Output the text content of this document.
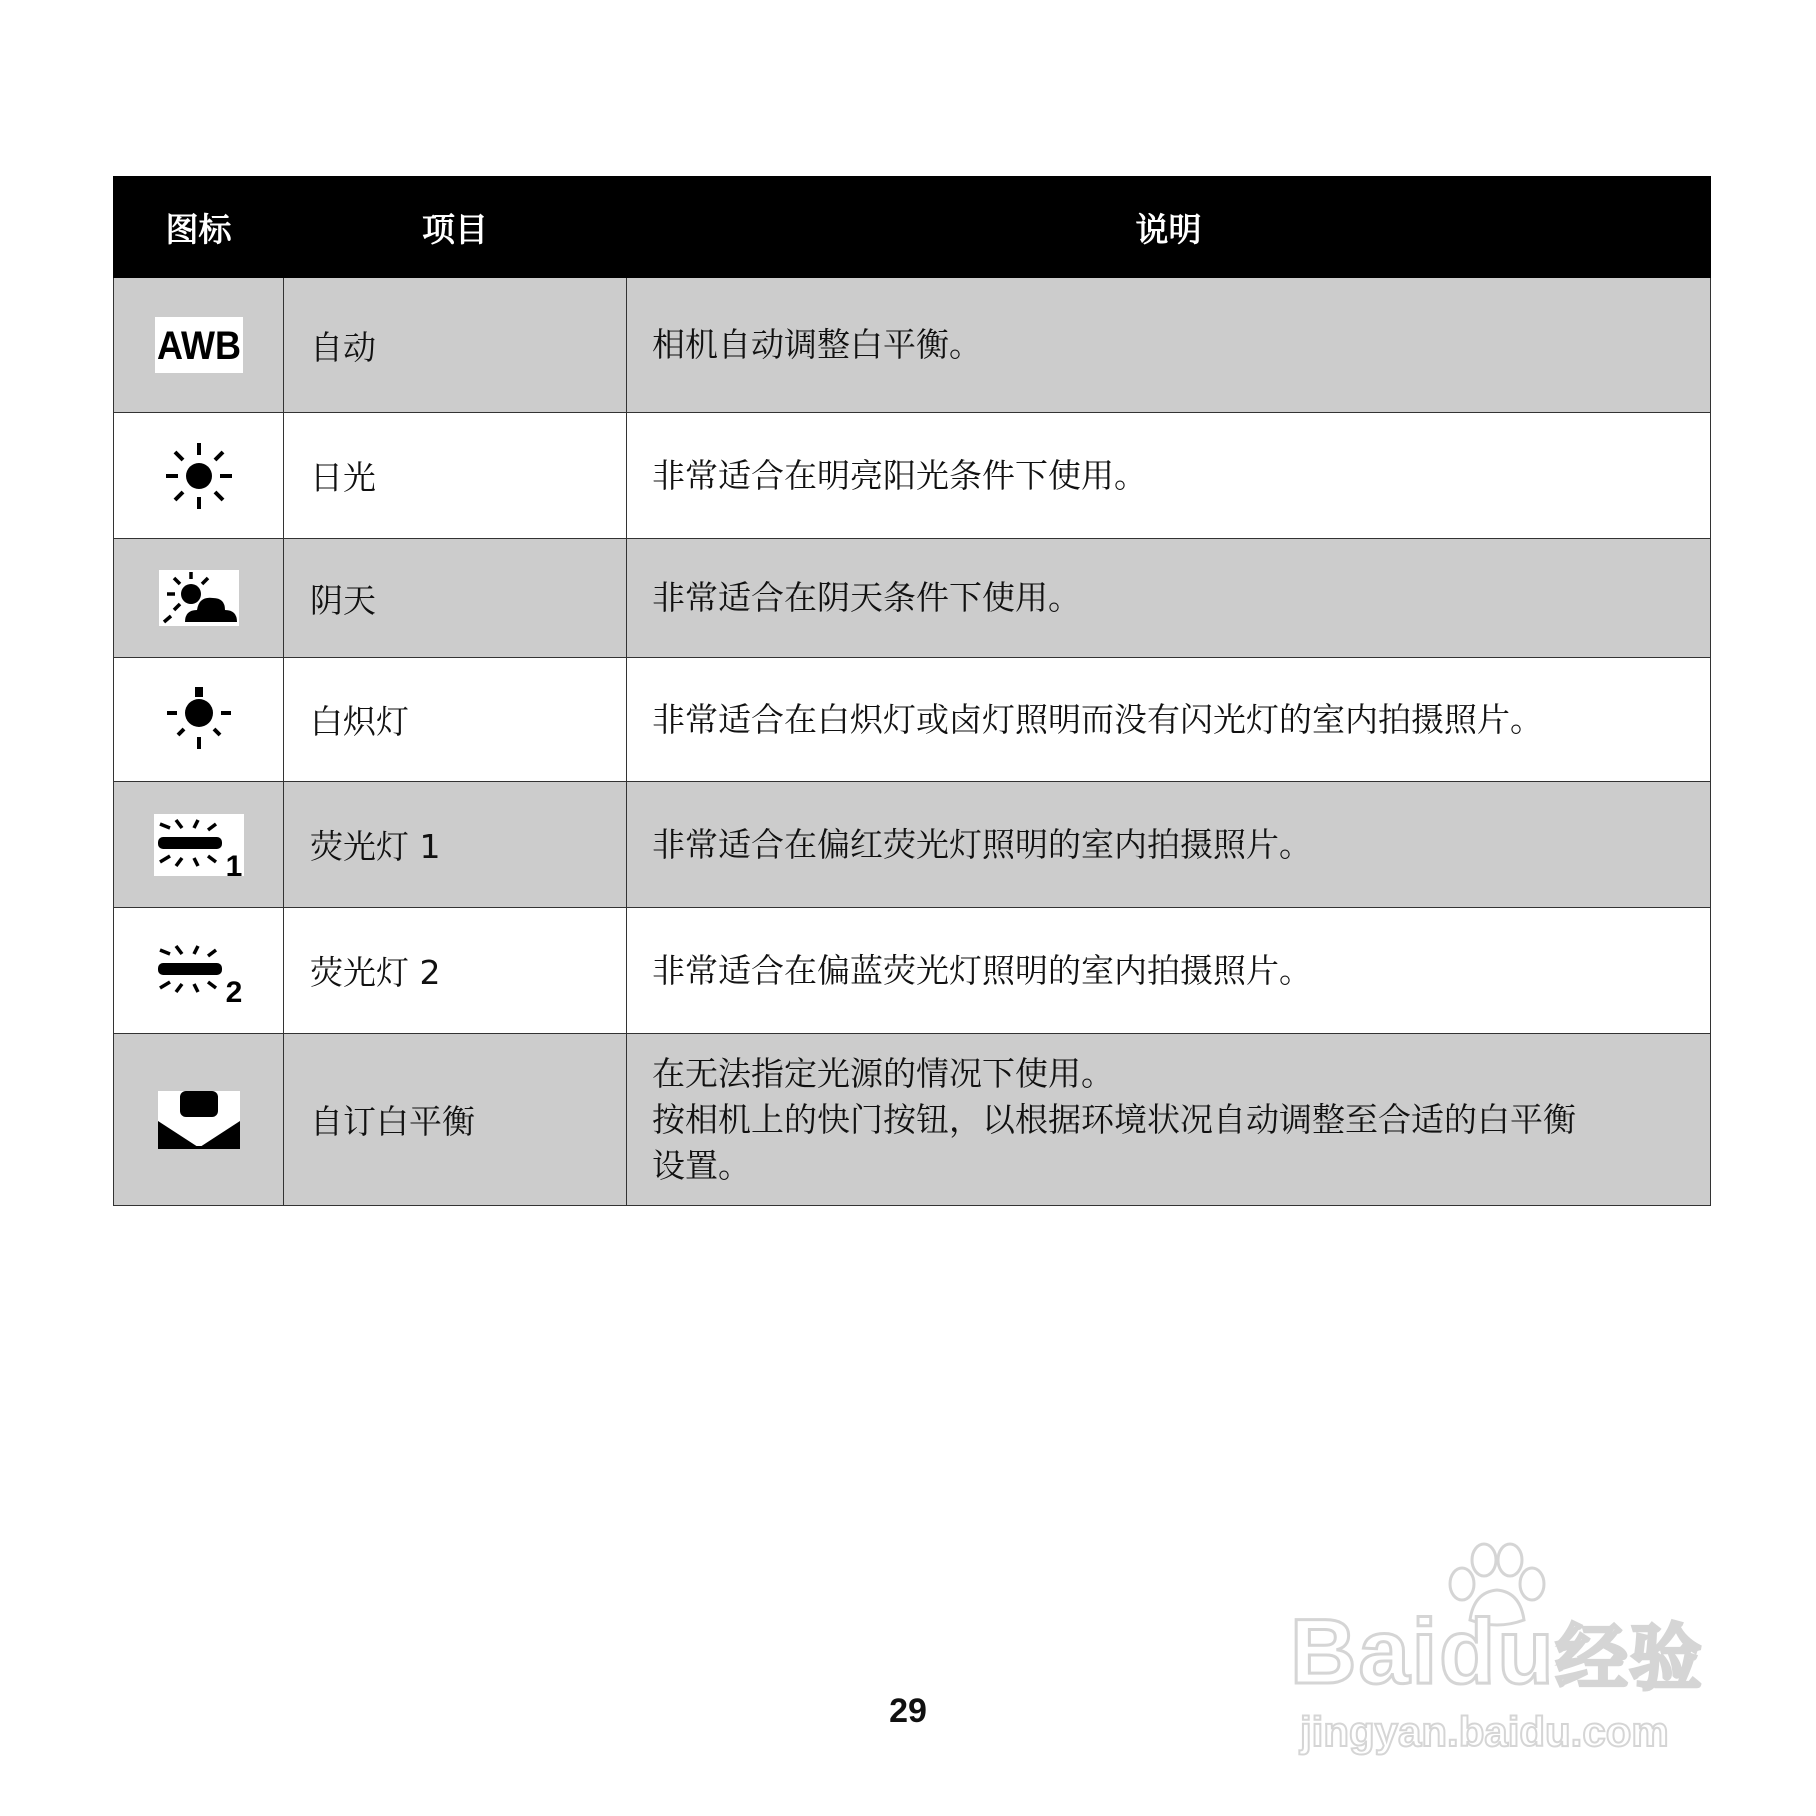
图标	项目	说明

AWB	自动	相机自动调整白平衡。

	日光	非常适合在明亮阳光条件下使用。

	阴天	非常适合在阴天条件下使用。

	白炽灯	非常适合在白炽灯或卤灯照明而没有闪光灯的室内拍摄照片。

1	荧光灯 1	非常适合在偏红荧光灯照明的室内拍摄照片。

2	荧光灯 2	非常适合在偏蓝荧光灯照明的室内拍摄照片。

	自订白平衡	在无法指定光源的情况下使用。
按相机上的快门按钮，以根据环境状况自动调整至合适的白平衡
设置。
29
Baidu经验
jingyan.baidu.com
